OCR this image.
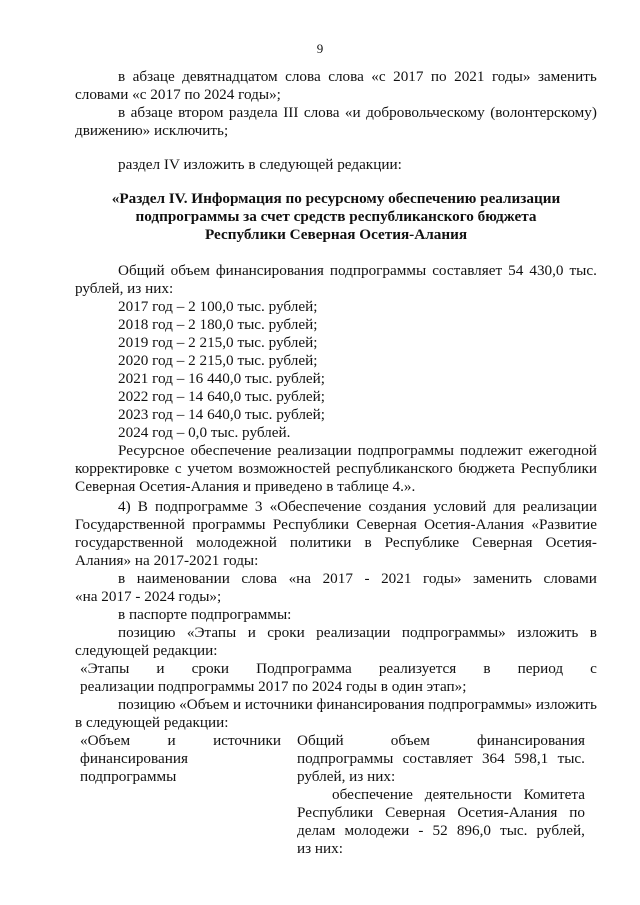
9
в абзаце девятнадцатом слова слова «с 2017 по 2021 годы» заменить
словами «с 2017 по 2024 годы»;
в абзаце втором раздела III слова «и добровольческому (волонтерскому)
движению» исключить;
раздел IV изложить в следующей редакции:
«Раздел IV. Информация по ресурсному обеспечению реализации
подпрограммы за счет средств республиканского бюджета
Республики Северная Осетия-Алания
Общий объем финансирования подпрограммы составляет 54 430,0 тыс.
рублей, из них:
2017 год – 2 100,0 тыс. рублей;
2018 год – 2 180,0 тыс. рублей;
2019 год – 2 215,0 тыс. рублей;
2020 год – 2 215,0 тыс. рублей;
2021 год – 16 440,0 тыс. рублей;
2022 год – 14 640,0 тыс. рублей;
2023 год – 14 640,0 тыс. рублей;
2024 год – 0,0 тыс. рублей.
Ресурсное обеспечение реализации подпрограммы подлежит ежегодной
корректировке с учетом возможностей республиканского бюджета Республики
Северная Осетия-Алания и приведено в таблице 4.».
4) В подпрограмме 3 «Обеспечение создания условий для реализации
Государственной программы Республики Северная Осетия-Алания «Развитие
государственной молодежной политики в Республике Северная Осетия-
Алания» на 2017-2021 годы:
в наименовании слова «на 2017 - 2021 годы» заменить словами
«на 2017 - 2024 годы»;
в паспорте подпрограммы:
позицию «Этапы и сроки реализации подпрограммы» изложить в
следующей редакции:
«Этапы и сроки Подпрограмма реализуется в период с
реализации подпрограммы 2017 по 2024 годы в один этап»;
позицию «Объем и источники финансирования подпрограммы» изложить
в следующей редакции:
«Объем и источники
финансирования
подпрограммы
Общий	объем	финансирования
подпрограммы составляет 364 598,1 тыс.
рублей, из них:
обеспечение деятельности Комитета
Республики Северная Осетия-Алания по
делам молодежи - 52 896,0 тыс. рублей,
из них:
